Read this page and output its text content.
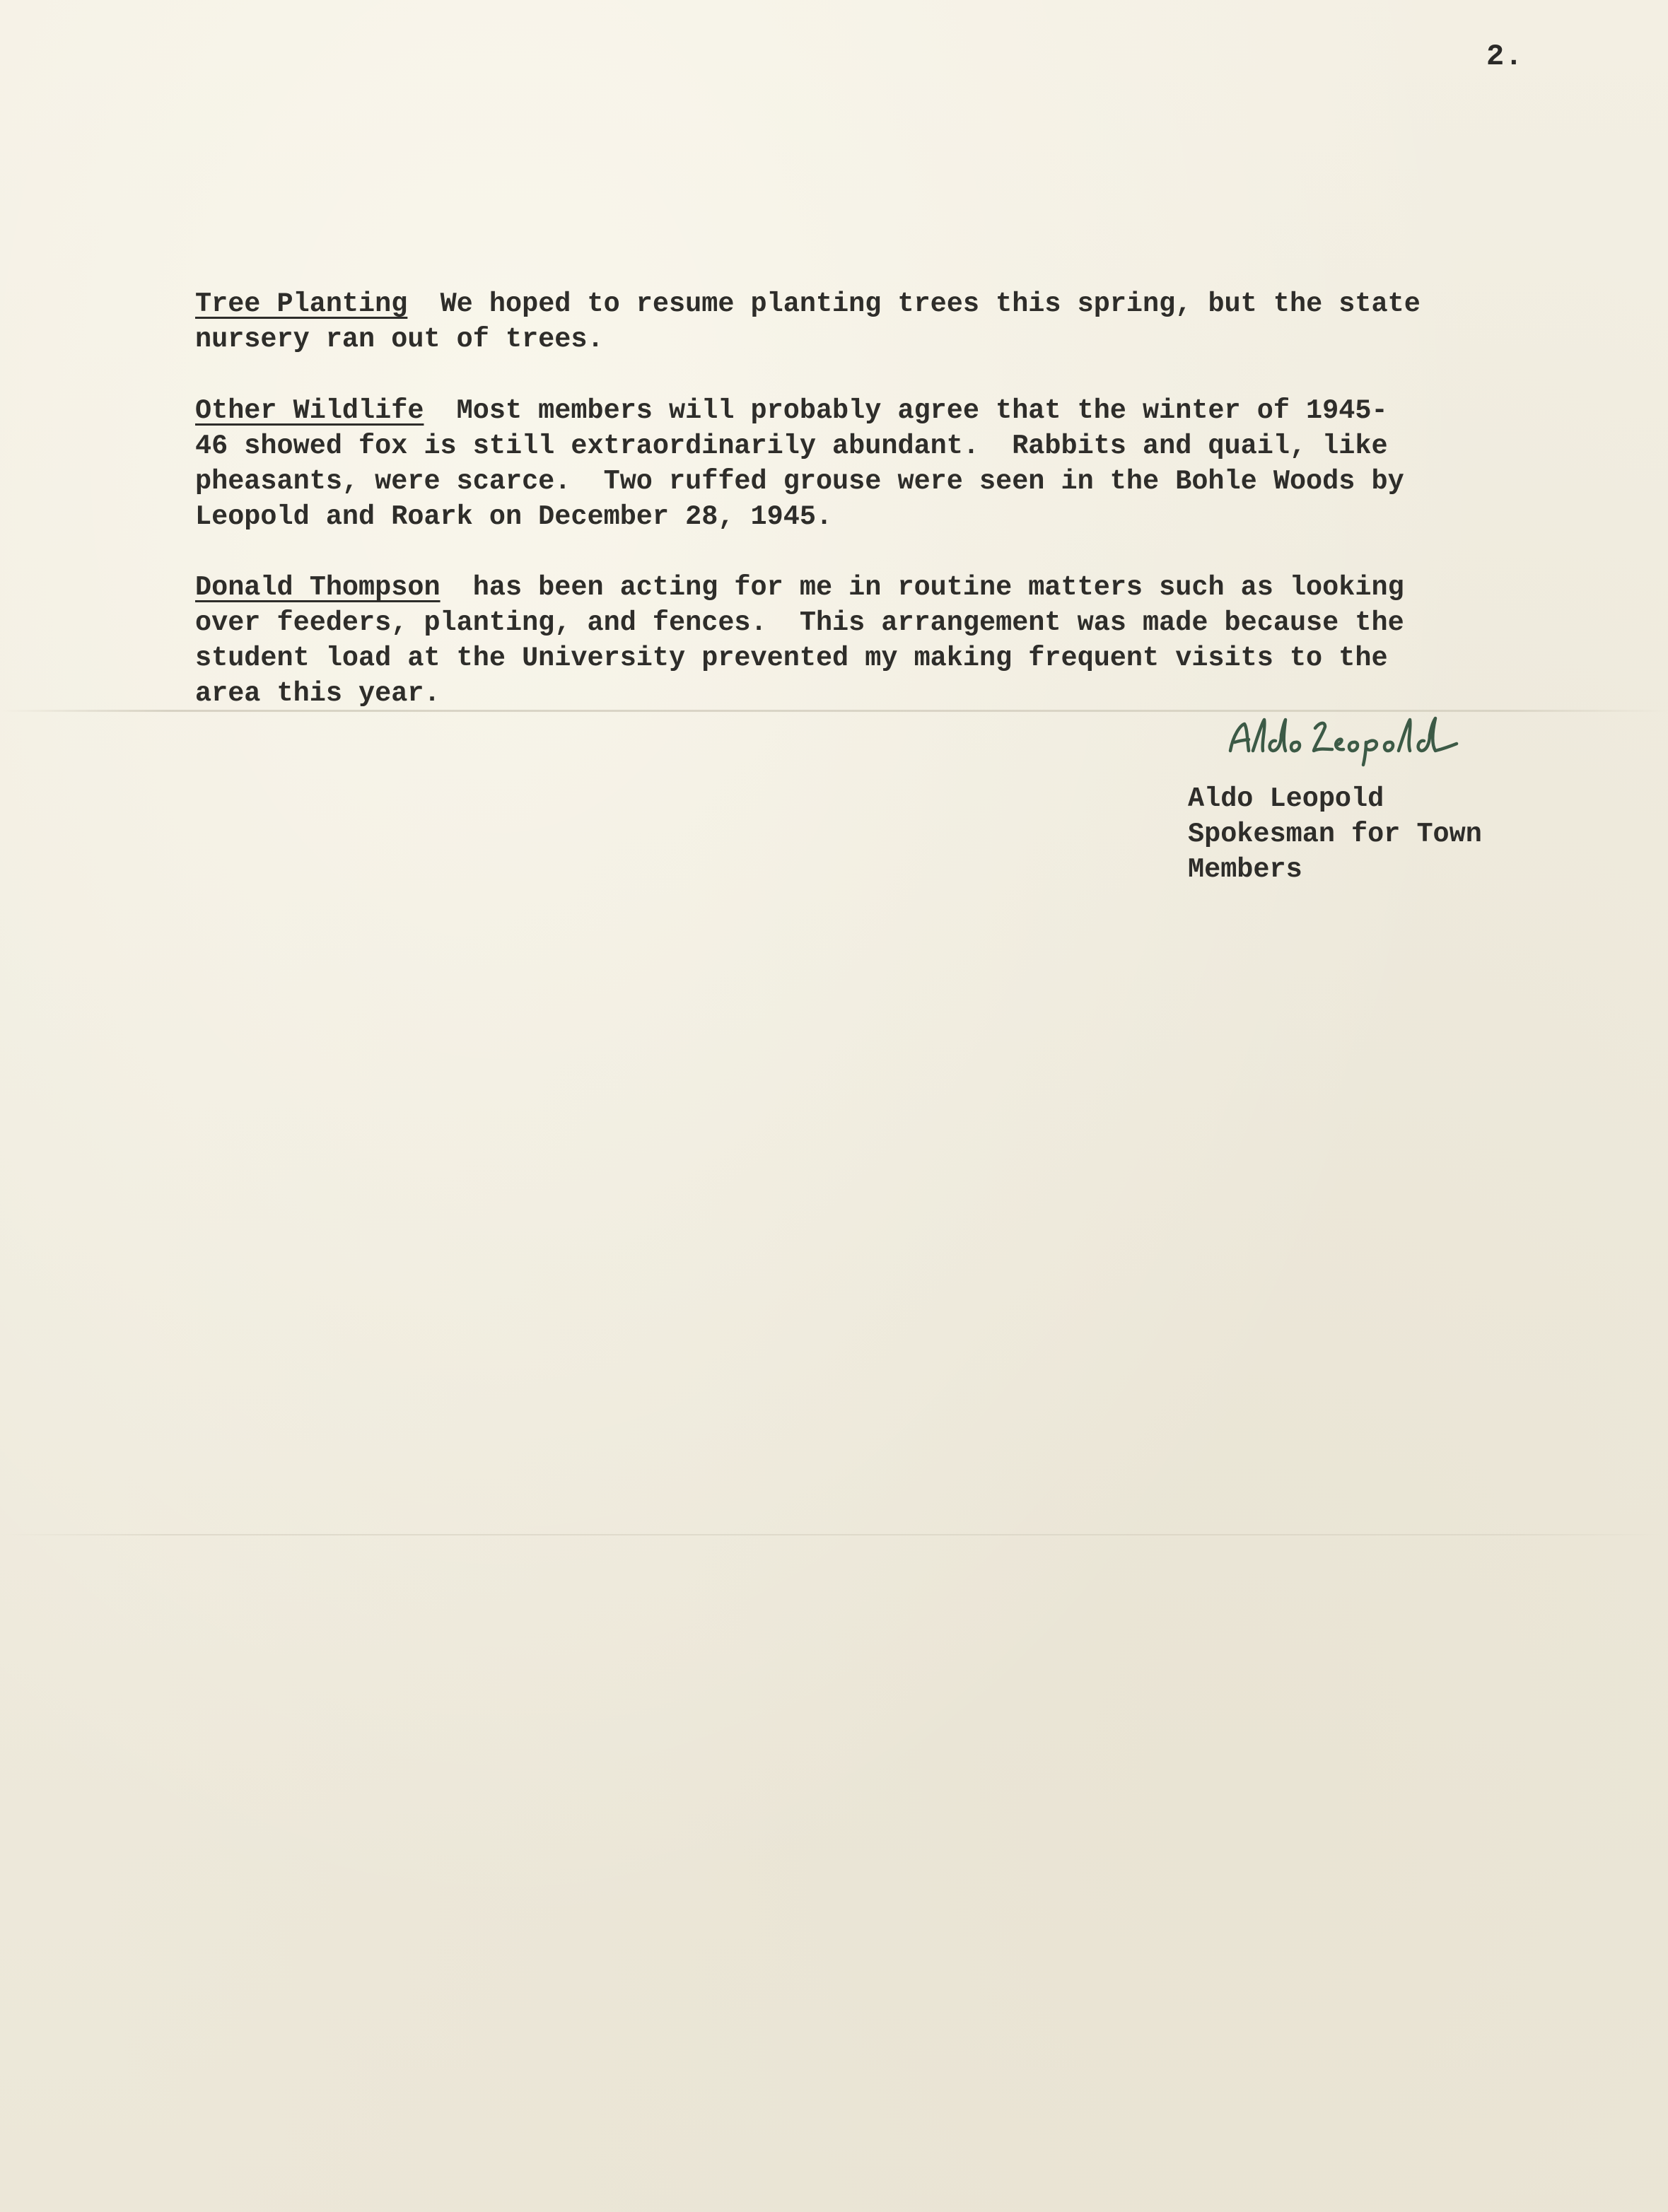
2.

Tree Planting  We hoped to resume planting trees this spring, but the state
nursery ran out of trees.

Other Wildlife  Most members will probably agree that the winter of 1945-
46 showed fox is still extraordinarily abundant.  Rabbits and quail, like
pheasants, were scarce.  Two ruffed grouse were seen in the Bohle Woods by
Leopold and Roark on December 28, 1945.

Donald Thompson  has been acting for me in routine matters such as looking
over feeders, planting, and fences.  This arrangement was made because the
student load at the University prevented my making frequent visits to the
area this year.

Aldo Leopold

Spokesman for Town

Members
